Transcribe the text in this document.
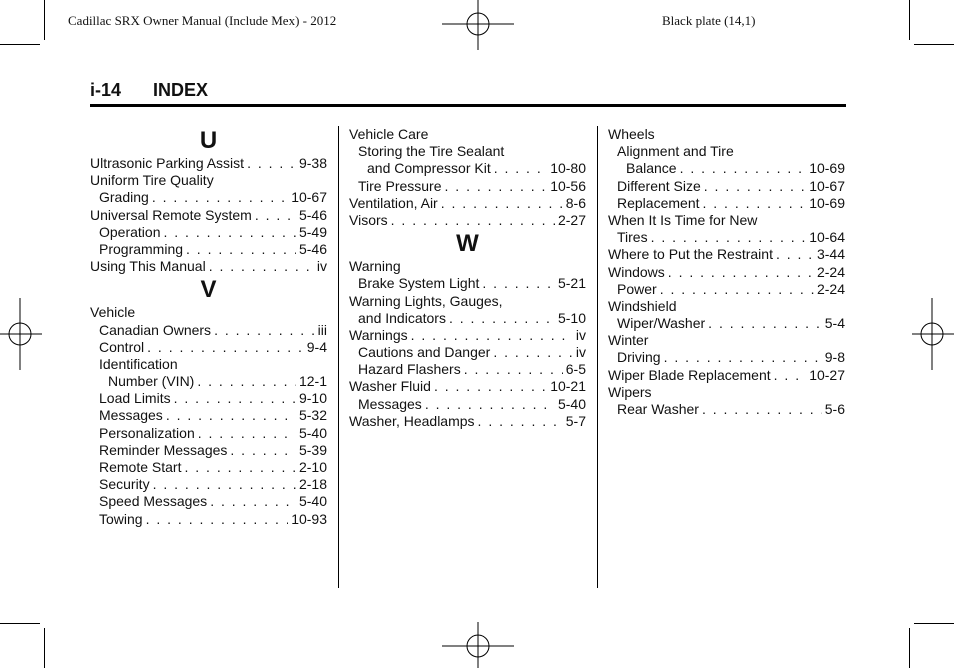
Cadillac SRX Owner Manual (Include Mex) - 2012	Black plate (14,1)
i-14 INDEX
U
Ultrasonic Parking Assist . . .	9-38
Uniform Tire Quality
Grading . . .	10-67
Universal Remote System . . .	5-46
Operation . . .	5-49
Programming . . .	5-46
Using This Manual . . .	iv
V
Vehicle
Canadian Owners . . .	iii
Control . . .	9-4
Identification
Number (VIN) . . .	12-1
Load Limits . . .	9-10
Messages . . .	5-32
Personalization . . .	5-40
Reminder Messages . . .	5-39
Remote Start . . .	2-10
Security . . .	2-18
Speed Messages . . .	5-40
Towing . . .	10-93
Vehicle Care
Storing the Tire Sealant
and Compressor Kit . . .	10-80
Tire Pressure . . .	10-56
Ventilation, Air . . .	8-6
Visors . . .	2-27
W
Warning
Brake System Light . . .	5-21
Warning Lights, Gauges,
and Indicators . . .	5-10
Warnings . . .	iv
Cautions and Danger . . .	iv
Hazard Flashers . . .	6-5
Washer Fluid . . .	10-21
Messages . . .	5-40
Washer, Headlamps . . .	5-7
Wheels
Alignment and Tire
Balance . . .	10-69
Different Size . . .	10-67
Replacement . . .	10-69
When It Is Time for New
Tires . . .	10-64
Where to Put the Restraint . . .	3-44
Windows . . .	2-24
Power . . .	2-24
Windshield
Wiper/Washer . . .	5-4
Winter
Driving . . .	9-8
Wiper Blade Replacement . . .	10-27
Wipers
Rear Washer . . .	5-6
